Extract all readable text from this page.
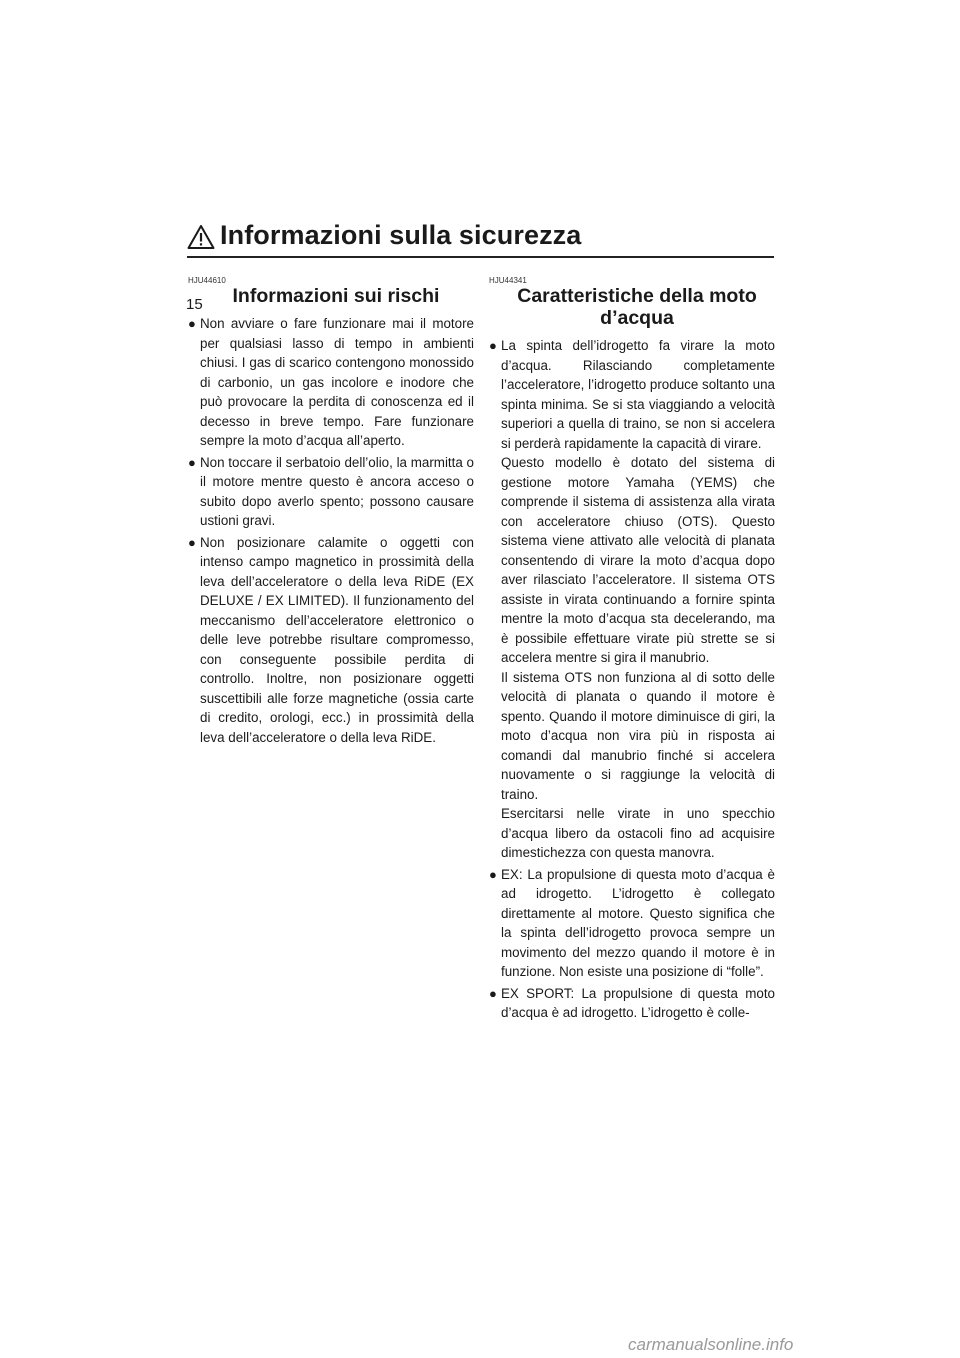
Informazioni sulla sicurezza
15
HJU44610
Informazioni sui rischi
● Non avviare o fare funzionare mai il motore per qualsiasi lasso di tempo in ambienti chiusi. I gas di scarico contengono monossido di carbonio, un gas incolore e inodore che può provocare la perdita di conoscenza ed il decesso in breve tempo. Fare funzionare sempre la moto d’acqua all’aperto.

● Non toccare il serbatoio dell’olio, la marmitta o il motore mentre questo è ancora acceso o subito dopo averlo spento; possono causare ustioni gravi.

● Non posizionare calamite o oggetti con intenso campo magnetico in prossimità della leva dell’acceleratore o della leva RiDE (EX DELUXE / EX LIMITED). Il funzionamento del meccanismo dell’acceleratore elettronico o delle leve potrebbe risultare compromesso, con conseguente possibile perdita di controllo. Inoltre, non posizionare oggetti suscettibili alle forze magnetiche (ossia carte di credito, orologi, ecc.) in prossimità della leva dell’acceleratore o della leva RiDE.

HJU44341
Caratteristiche della moto
d’acqua
● La spinta dell’idrogetto fa virare la moto d’acqua. Rilasciando completamente l’acceleratore, l’idrogetto produce soltanto una spinta minima. Se si sta viaggiando a velocità superiori a quella di traino, se non si accelera si perderà rapidamente la capacità di virare.

Questo modello è dotato del sistema di gestione motore Yamaha (YEMS) che comprende il sistema di assistenza alla virata con acceleratore chiuso (OTS). Questo sistema viene attivato alle velocità di planata consentendo di virare la moto d’acqua dopo aver rilasciato l’acceleratore. Il sistema OTS assiste in virata continuando a fornire spinta mentre la moto d’acqua sta decelerando, ma è possibile effettuare virate più strette se si accelera mentre si gira il manubrio.

Il sistema OTS non funziona al di sotto delle velocità di planata o quando il motore è spento. Quando il motore diminuisce di giri, la moto d’acqua non vira più in risposta ai comandi dal manubrio finché si accelera nuovamente o si raggiunge la velocità di traino.

Esercitarsi nelle virate in uno specchio d’acqua libero da ostacoli fino ad acquisire dimestichezza con questa manovra.

● EX: La propulsione di questa moto d’acqua è ad idrogetto. L’idrogetto è collegato direttamente al motore. Questo significa che la spinta dell’idrogetto provoca sempre un movimento del mezzo quando il motore è in funzione. Non esiste una posizione di “folle”.

● EX SPORT: La propulsione di questa moto d’acqua è ad idrogetto. L’idrogetto è colle-

carmanualsonline.info
